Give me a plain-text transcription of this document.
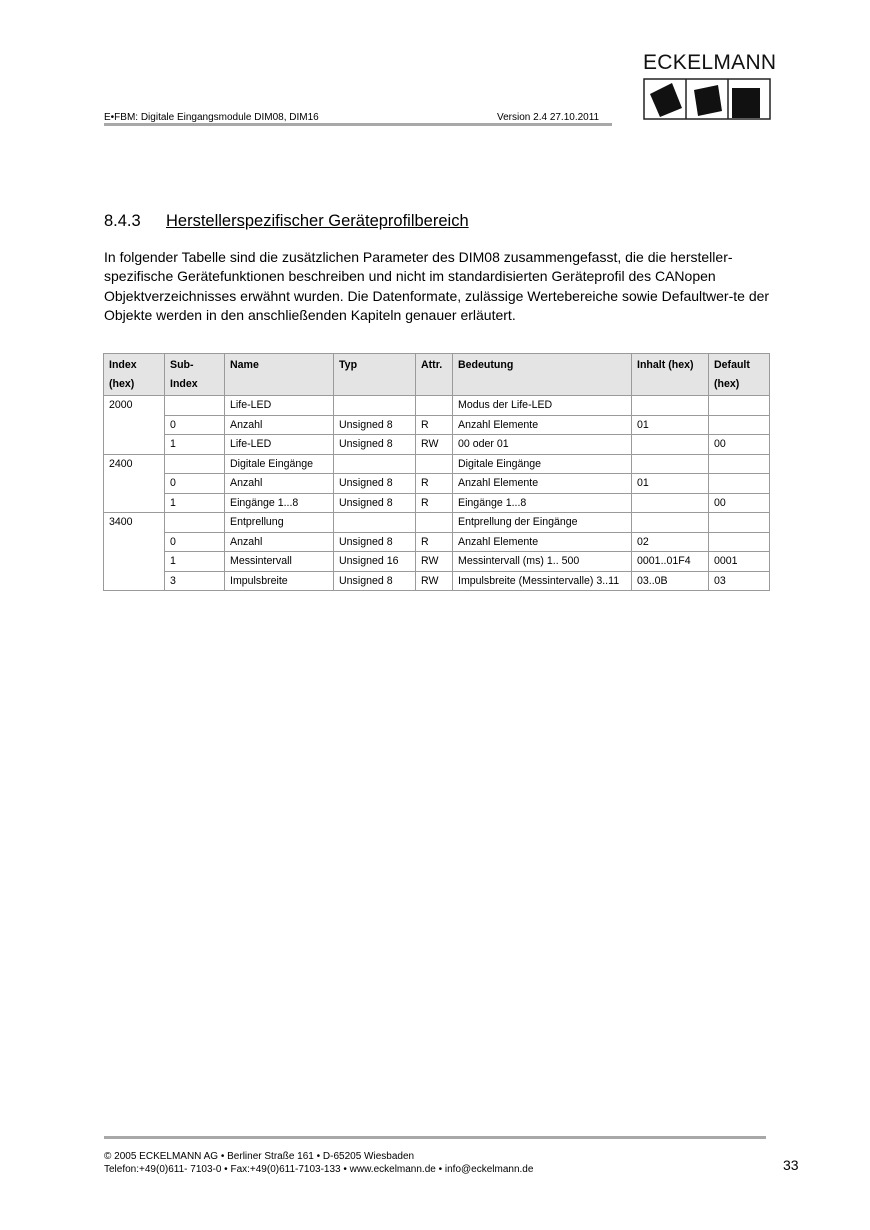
E•FBM: Digitale Eingangsmodule DIM08, DIM16	Version 2.4 27.10.2011
ECKELMANN
8.4.3 Herstellerspezifischer Geräteprofilbereich
In folgender Tabelle sind die zusätzlichen Parameter des DIM08 zusammengefasst, die die hersteller-spezifische Gerätefunktionen beschreiben und nicht im standardisierten Geräteprofil des CANopen Objektverzeichnisses erwähnt wurden. Die Datenformate, zulässige Wertebereiche sowie Defaultwer-te der Objekte werden in den anschließenden Kapiteln genauer erläutert.
Index (hex)	Sub-Index	Name	Typ	Attr.	Bedeutung	Inhalt (hex)	Default (hex)
2000		Life-LED			Modus der Life-LED		
	0	Anzahl	Unsigned 8	R	Anzahl Elemente	01	
	1	Life-LED	Unsigned 8	RW	00 oder 01		00
2400		Digitale Eingänge			Digitale Eingänge		
	0	Anzahl	Unsigned 8	R	Anzahl Elemente	01	
	1	Eingänge 1...8	Unsigned 8	R	Eingänge 1...8		00
3400		Entprellung			Entprellung der Eingänge		
	0	Anzahl	Unsigned 8	R	Anzahl Elemente	02	
	1	Messintervall	Unsigned 16	RW	Messintervall (ms) 1.. 500	0001..01F4	0001
	3	Impulsbreite	Unsigned 8	RW	Impulsbreite (Messintervalle) 3..11	03..0B	03
© 2005 ECKELMANN AG • Berliner Straße 161 • D-65205 Wiesbaden
Telefon:+49(0)611- 7103-0 • Fax:+49(0)611-7103-133 • www.eckelmann.de • info@eckelmann.de	33
